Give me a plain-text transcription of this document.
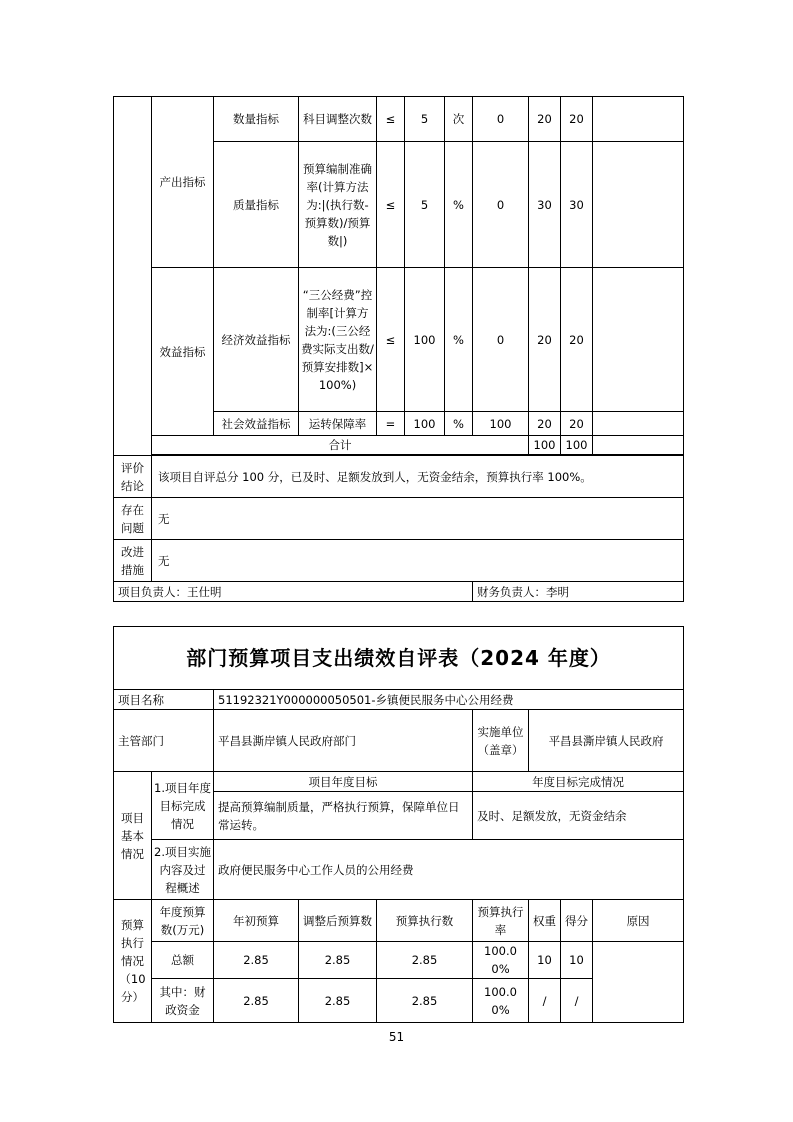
	产出指标	数量指标	科目调整次数	≤	5	次	0	20	20	
		质量指标	预算编制准确率(计算方法为:|(执行数-预算数)/预算数|)	≤	5	%	0	30	30	
	效益指标	经济效益指标	“三公经费”控制率[计算方法为:(三公经费实际支出数/预算安排数]×100%)	≤	100	%	0	20	20	
		社会效益指标	运转保障率	=	100	%	100	20	20	
	合计							100	100	

评价结论	该项目自评总分 100 分，已及时、足额发放到人，无资金结余，预算执行率 100%。									
存在问题	无									
改进措施	无									
项目负责人：王仕明							财务负责人：李明			
部门预算项目支出绩效自评表（2024 年度）								
项目名称		51192321Y000000050501-乡镇便民服务中心公用经费						
主管部门		平昌县澌岸镇人民政府部门			实施单位（盖章）	平昌县澌岸镇人民政府		
项目基本情况	1.项目年度目标完成情况	项目年度目标			年度目标完成情况			
		提高预算编制质量，严格执行预算，保障单位日常运转。			及时、足额发放，无资金结余			
	2.项目实施内容及过程概述	政府便民服务中心工作人员的公用经费						
预算执行情况（10分）	年度预算数(万元)	年初预算	调整后预算数	预算执行数	预算执行率	权重	得分	原因
	总额	2.85	2.85	2.85	100.00%	10	10	
	其中：财政资金	2.85	2.85	2.85	100.00%	/	/	
51
